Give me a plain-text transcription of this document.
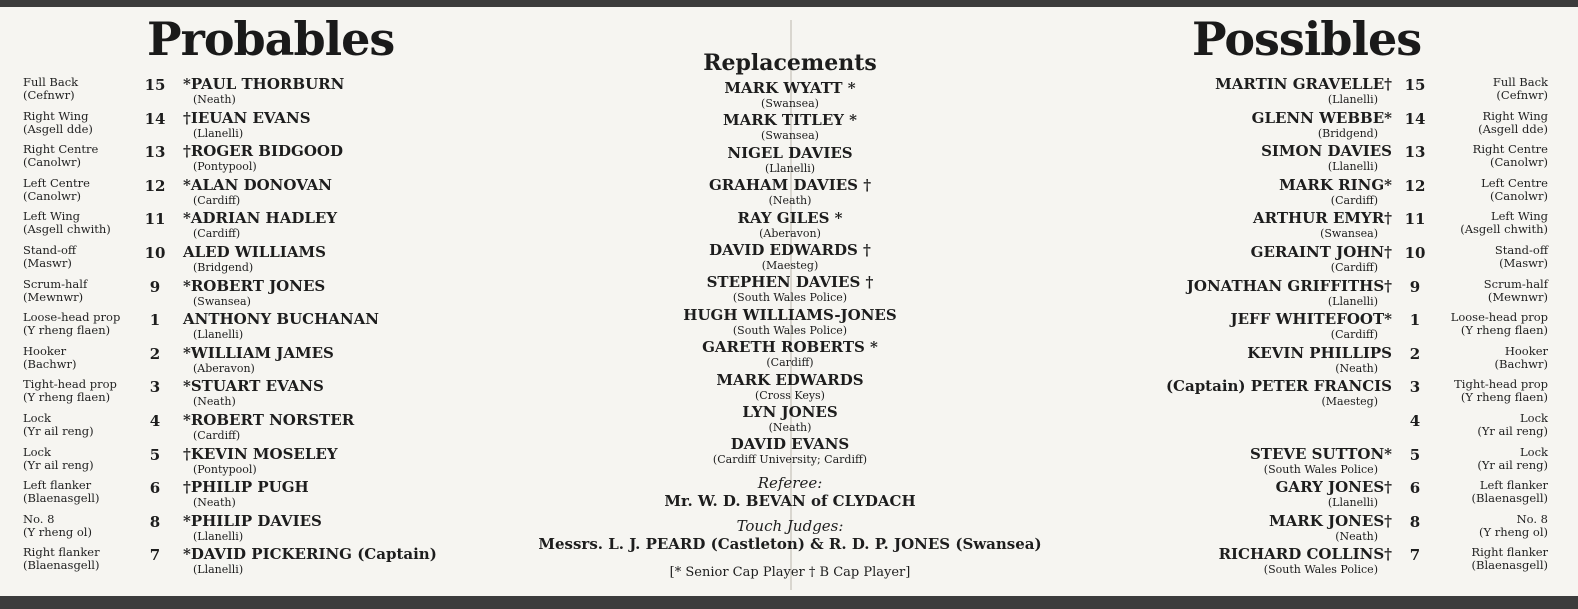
Probables	Possibles
Full Back
(Cefnwr)
15	*PAUL THORBURN
(Neath)
Right Wing
(Asgell dde)
14	†IEUAN EVANS
(Llanelli)
Right Centre
(Canolwr)
13	†ROGER BIDGOOD
(Pontypool)
Left Centre
(Canolwr)
12	*ALAN DONOVAN
(Cardiff)
Left Wing
(Asgell chwith)
11	*ADRIAN HADLEY
(Cardiff)
Stand-off
(Maswr)
10	ALED WILLIAMS
(Bridgend)
Scrum-half
(Mewnwr)
9	*ROBERT JONES
(Swansea)
Loose-head prop
(Y rheng flaen)
1	ANTHONY BUCHANAN
(Llanelli)
Hooker
(Bachwr)
2	*WILLIAM JAMES
(Aberavon)
Tight-head prop
(Y rheng flaen)
3	*STUART EVANS
(Neath)
Lock
(Yr ail reng)
4	*ROBERT NORSTER
(Cardiff)
Lock
(Yr ail reng)
5	†KEVIN MOSELEY
(Pontypool)
Left flanker
(Blaenasgell)
6	†PHILIP PUGH
(Neath)
No. 8
(Y rheng ol)
8	*PHILIP DAVIES
(Llanelli)
Right flanker
(Blaenasgell)
7	*DAVID PICKERING (Captain)
(Llanelli)
Full Back
(Cefnwr)
15
MARTIN GRAVELLE†
(Llanelli)
Right Wing
(Asgell dde)
14
GLENN WEBBE*
(Bridgend)
Right Centre
(Canolwr)
13
SIMON DAVIES
(Llanelli)
Left Centre
(Canolwr)
12
MARK RING*
(Cardiff)
Left Wing
(Asgell chwith)
11
ARTHUR EMYR†
(Swansea)
Stand-off
(Maswr)
10
GERAINT JOHN†
(Cardiff)
Scrum-half
(Mewnwr)
9
JONATHAN GRIFFITHS†
(Llanelli)
Loose-head prop
(Y rheng flaen)
1
JEFF WHITEFOOT*
(Cardiff)
Hooker
(Bachwr)
2
KEVIN PHILLIPS
(Neath)
Tight-head prop
(Y rheng flaen)
3
(Captain) PETER FRANCIS
(Maesteg)
Lock
(Yr ail reng)
4
Lock
(Yr ail reng)
5
STEVE SUTTON*
(South Wales Police)
Left flanker
(Blaenasgell)
6
GARY JONES†
(Llanelli)
No. 8
(Y rheng ol)
8
MARK JONES†
(Neath)
Right flanker
(Blaenasgell)
7
RICHARD COLLINS†
(South Wales Police)
Replacements
MARK WYATT *
(Swansea)
MARK TITLEY *
(Swansea)
NIGEL DAVIES
(Llanelli)
GRAHAM DAVIES †
(Neath)
RAY GILES *
(Aberavon)
DAVID EDWARDS †
(Maesteg)
STEPHEN DAVIES †
(South Wales Police)
HUGH WILLIAMS-JONES
(South Wales Police)
GARETH ROBERTS *
(Cardiff)
MARK EDWARDS
(Cross Keys)
LYN JONES
(Neath)
DAVID EVANS
(Cardiff University; Cardiff)
Referee:
Mr. W. D. BEVAN of CLYDACH
Touch Judges:
Messrs. L. J. PEARD (Castleton) & R. D. P. JONES (Swansea)
[* Senior Cap Player † B Cap Player]
